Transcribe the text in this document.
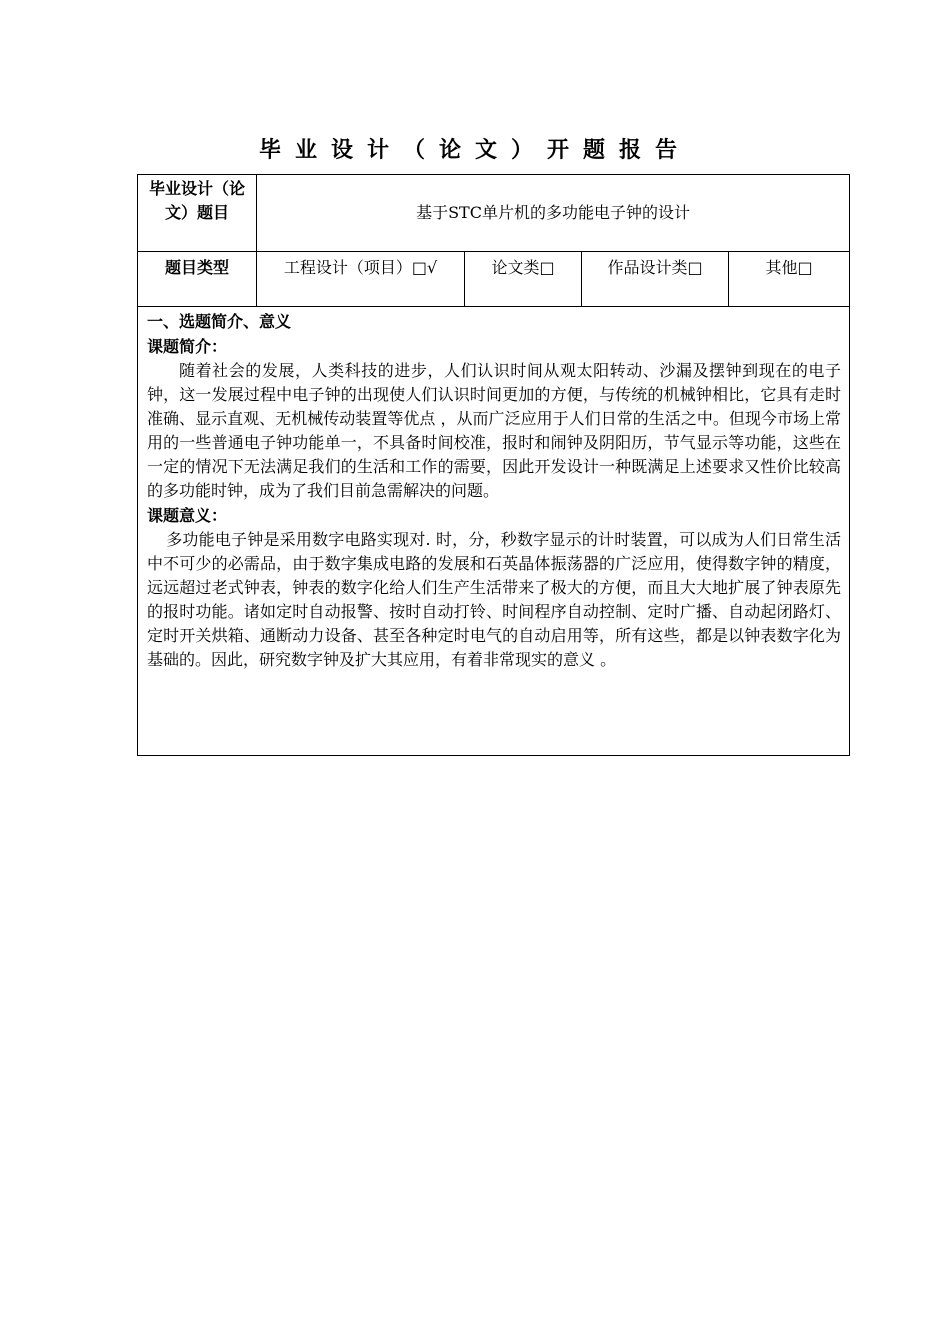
毕业设计（论文）开题报告
毕业设计（论文）题目	基于STC单片机的多功能电子钟的设计			
题目类型	工程设计（项目）□√	论文类□	作品设计类□	其他□

一、选题简介、意义
课题简介：

随着社会的发展，人类科技的进步，人们认识时间从观太阳转动、沙漏及摆钟到现在的电子钟，这一发展过程中电子钟的出现使人们认识时间更加的方便，与传统的机械钟相比，它具有走时准确、显示直观、无机械传动装置等优点 ，从而广泛应用于人们日常的生活之中。但现今市场上常用的一些普通电子钟功能单一，不具备时间校准，报时和闹钟及阴阳历，节气显示等功能，这些在一定的情况下无法满足我们的生活和工作的需要，因此开发设计一种既满足上述要求又性价比较高的多功能时钟，成为了我们目前急需解决的问题。

课题意义：

多功能电子钟是采用数字电路实现对. 时，分，秒数字显示的计时装置，可以成为人们日常生活中不可少的必需品，由于数字集成电路的发展和石英晶体振荡器的广泛应用，使得数字钟的精度，远远超过老式钟表，钟表的数字化给人们生产生活带来了极大的方便，而且大大地扩展了钟表原先的报时功能。诸如定时自动报警、按时自动打铃、时间程序自动控制、定时广播、自动起闭路灯、定时开关烘箱、通断动力设备、甚至各种定时电气的自动启用等，所有这些，都是以钟表数字化为基础的。因此，研究数字钟及扩大其应用，有着非常现实的意义 。				
